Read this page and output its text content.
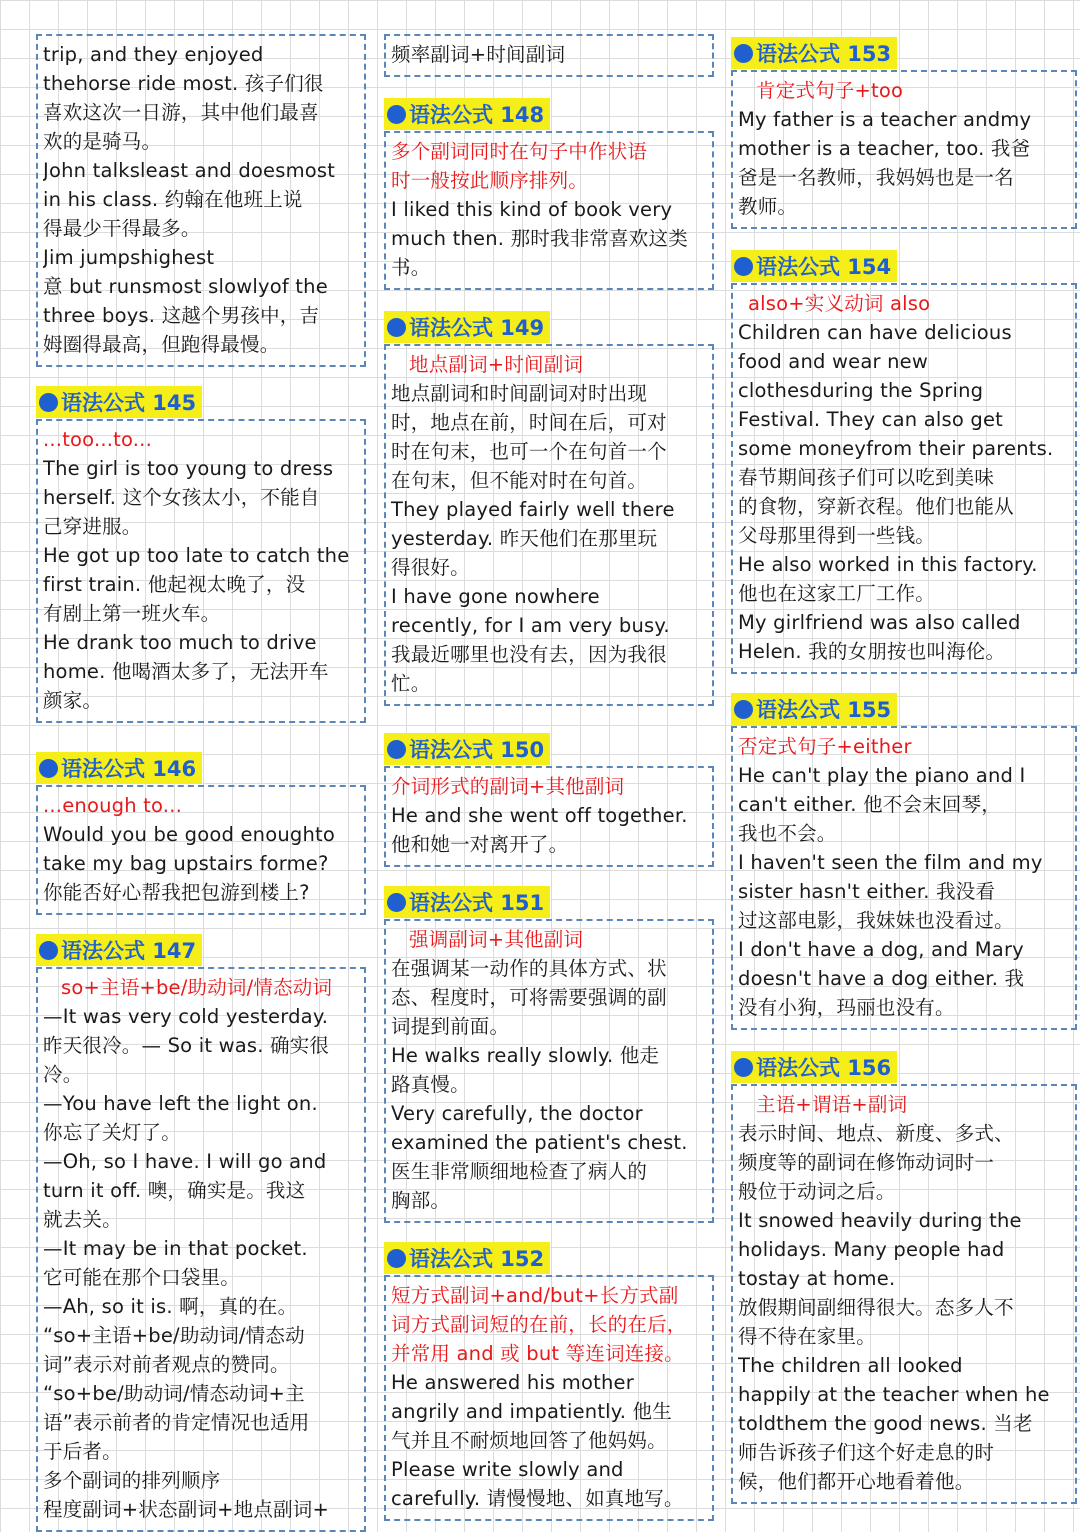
trip, and they enjoyed
thehorse ride most. 孩子们很
喜欢这次一日游，其中他们最喜
欢的是骑马。
John talksleast and doesmost
in his class. 约翰在他班上说
得最少干得最多。
Jim jumpshighest
意 but runsmost slowlyof the
three boys. 这越个男孩中，吉
姆圈得最高，但跑得最慢。
语法公式 145
...too...to...
The girl is too young to dress
herself. 这个女孩太小，不能自
己穿进服。
He got up too late to catch the
first train. 他起视太晚了，没
有剧上第一班火车。
He drank too much to drive
home. 他喝酒太多了，无法开车
颜家。
语法公式 146
...enough to...
Would you be good enoughto
take my bag upstairs forme?
你能否好心帮我把包游到楼上?
语法公式 147
so+主语+be/助动词/情态动词
—It was very cold yesterday.
昨天很冷。— So it was. 确实很
冷。
—You have left the light on.
你忘了关灯了。
—Oh, so I have. I will go and
turn it off. 噢，确实是。我这
就去关。
—It may be in that pocket.
它可能在那个口袋里。
—Ah, so it is. 啊，真的在。
“so+主语+be/助动词/情态动
词”表示对前者观点的赞同。
“so+be/助动词/情态动词+主
语”表示前者的肯定情况也适用
于后者。
多个副词的排列顺序
程度副词+状态副词+地点副词+
频率副词+时间副词
语法公式 148
多个副词同时在句子中作状语
时一般按此顺序排列。
I liked this kind of book very
much then. 那时我非常喜欢这类
书。
语法公式 149
地点副词+时间副词
地点副词和时间副词对时出现
时，地点在前，时间在后，可对
时在句末，也可一个在句首一个
在句末，但不能对时在句首。
They played fairly well there
yesterday. 昨天他们在那里玩
得很好。
I have gone nowhere
recently, for I am very busy.
我最近哪里也没有去，因为我很
忙。
语法公式 150
介词形式的副词+其他副词
He and she went off together.
他和她一对离开了。
语法公式 151
强调副词+其他副词
在强调某一动作的具体方式、状
态、程度时，可将需要强调的副
词提到前面。
He walks really slowly. 他走
路真慢。
Very carefully, the doctor
examined the patient's chest.
医生非常顺细地检查了病人的
胸部。
语法公式 152
短方式副词+and/but+长方式副
词方式副词短的在前，长的在后，
并常用 and 或 but 等连词连接。
He answered his mother
angrily and impatiently. 他生
气并且不耐烦地回答了他妈妈。
Please write slowly and
carefully. 请慢慢地、如真地写。
语法公式 153
肯定式句子+too
My father is a teacher andmy
mother is a teacher, too. 我爸
爸是一名教师，我妈妈也是一名
教师。
语法公式 154
also+实义动词 also
Children can have delicious
food and wear new
clothesduring the Spring
Festival. They can also get
some moneyfrom their parents.
春节期间孩子们可以吃到美味
的食物，穿新衣程。他们也能从
父母那里得到一些钱。
He also worked in this factory.
他也在这家工厂工作。
My girlfriend was also called
Helen. 我的女朋按也叫海伦。
语法公式 155
否定式句子+either
He can't play the piano and I
can't either. 他不会末回琴，
我也不会。
I haven't seen the film and my
sister hasn't either. 我没看
过这部电影，我妹妹也没看过。
I don't have a dog, and Mary
doesn't have a dog either. 我
没有小狗，玛丽也没有。
语法公式 156
主语+谓语+副词
表示时间、地点、新度、多式、
频度等的副词在修饰动词时一
般位于动词之后。
It snowed heavily during the
holidays. Many people had
tostay at home.
放假期间副细得很大。态多人不
得不待在家里。
The children all looked
happily at the teacher when he
toldthem the good news. 当老
师告诉孩子们这个好走息的时
候，他们都开心地看着他。
